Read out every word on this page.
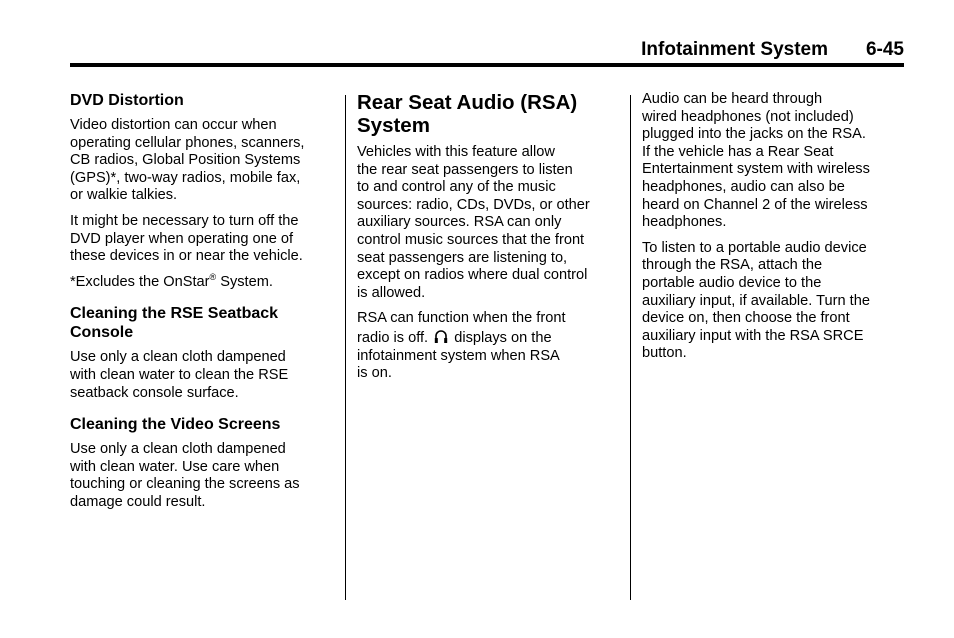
Infotainment System 6-45
DVD Distortion

Video distortion can occur when
operating cellular phones, scanners,
CB radios, Global Position Systems
(GPS)*, two-way radios, mobile fax,
or walkie talkies.

It might be necessary to turn off the
DVD player when operating one of
these devices in or near the vehicle.

*Excludes the OnStar® System.

Cleaning the RSE Seatback
Console

Use only a clean cloth dampened
with clean water to clean the RSE
seatback console surface.

Cleaning the Video Screens

Use only a clean cloth dampened
with clean water. Use care when
touching or cleaning the screens as
damage could result.

Rear Seat Audio (RSA)
System

Vehicles with this feature allow
the rear seat passengers to listen
to and control any of the music
sources: radio, CDs, DVDs, or other
auxiliary sources. RSA can only
control music sources that the front
seat passengers are listening to,
except on radios where dual control
is allowed.

RSA can function when the front
radio is off.  displays on the
infotainment system when RSA
is on.

Audio can be heard through
wired headphones (not included)
plugged into the jacks on the RSA.
If the vehicle has a Rear Seat
Entertainment system with wireless
headphones, audio can also be
heard on Channel 2 of the wireless
headphones.

To listen to a portable audio device
through the RSA, attach the
portable audio device to the
auxiliary input, if available. Turn the
device on, then choose the front
auxiliary input with the RSA SRCE
button.
